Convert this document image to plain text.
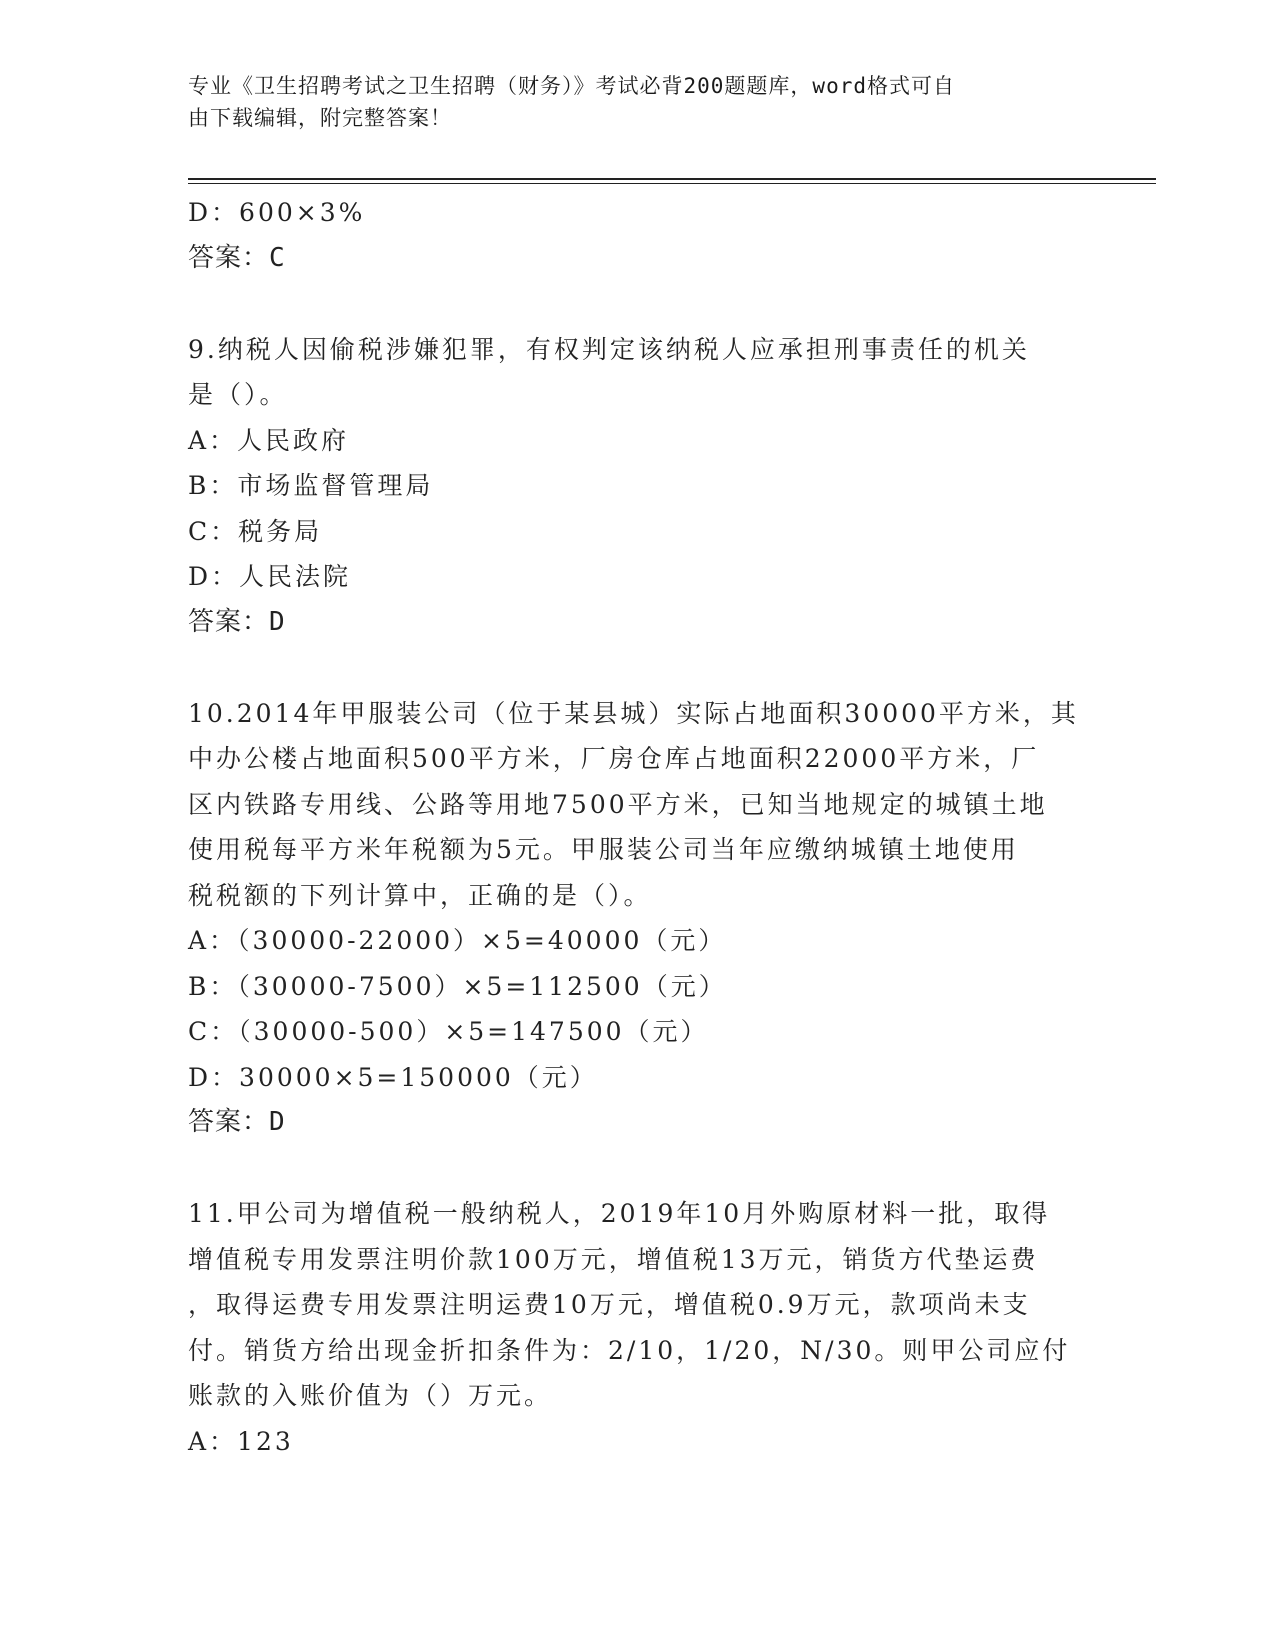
专业《卫生招聘考试之卫生招聘（财务）》考试必背200题题库，word格式可自
由下载编辑，附完整答案！
D：600×3%
答案：C
9.纳税人因偷税涉嫌犯罪，有权判定该纳税人应承担刑事责任的机关
是（）。
A：人民政府
B：市场监督管理局
C：税务局
D：人民法院
答案：D
10.2014年甲服装公司（位于某县城）实际占地面积30000平方米，其
中办公楼占地面积500平方米，厂房仓库占地面积22000平方米，厂
区内铁路专用线、公路等用地7500平方米，已知当地规定的城镇土地
使用税每平方米年税额为5元。甲服装公司当年应缴纳城镇土地使用
税税额的下列计算中，正确的是（）。
A：（30000-22000）×5=40000（元）
B：（30000-7500）×5=112500（元）
C：（30000-500）×5=147500（元）
D：30000×5=150000（元）
答案：D
11.甲公司为增值税一般纳税人，2019年10月外购原材料一批，取得
增值税专用发票注明价款100万元，增值税13万元，销货方代垫运费
，取得运费专用发票注明运费10万元，增值税0.9万元，款项尚未支
付。销货方给出现金折扣条件为：2/10，1/20，N/30。则甲公司应付
账款的入账价值为（）万元。
A：123
